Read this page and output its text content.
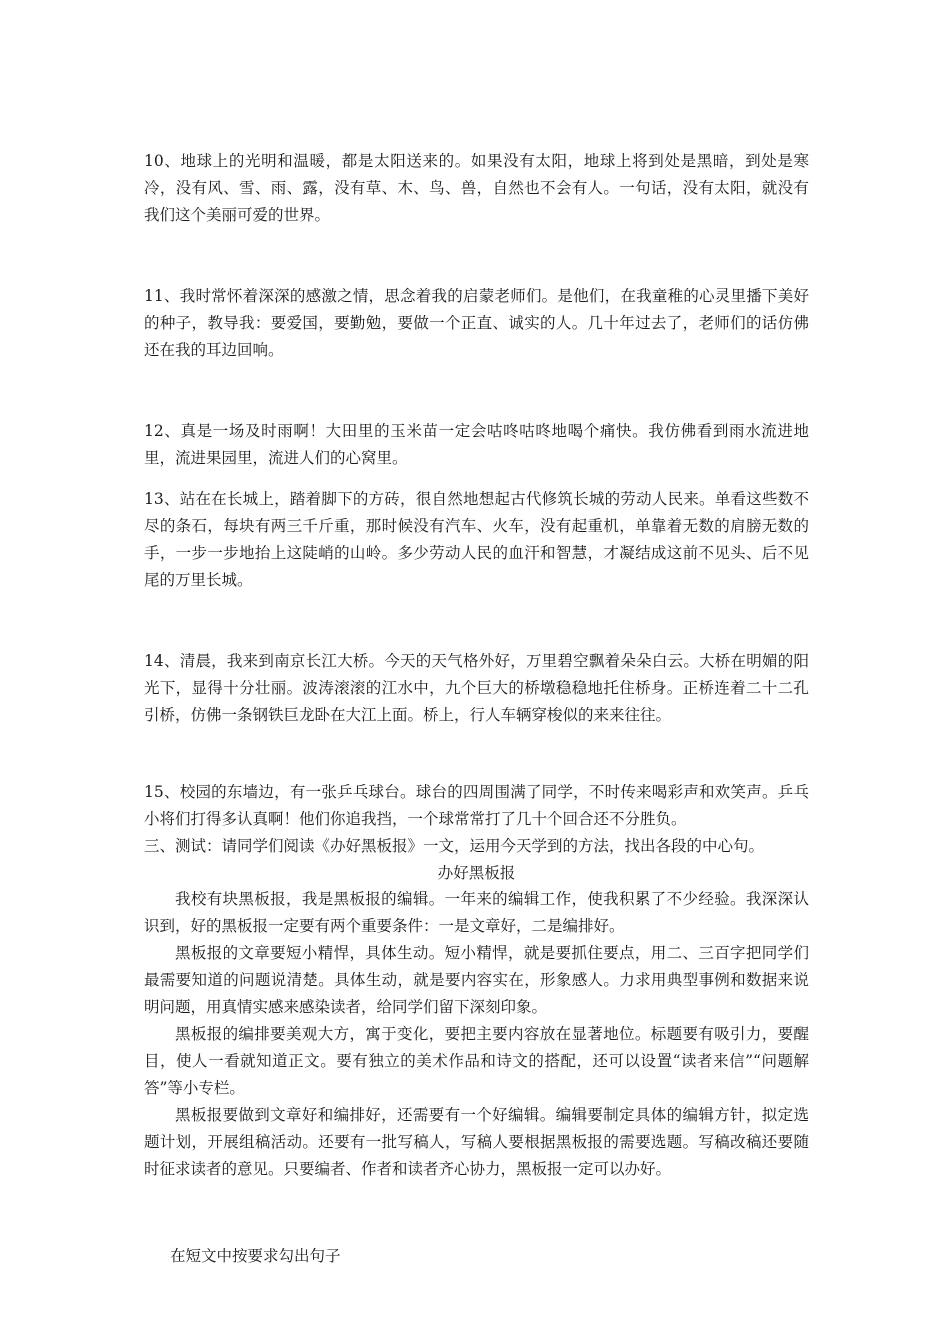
10、地球上的光明和温暖，都是太阳送来的。如果没有太阳，地球上将到处是黑暗，到处是寒冷，没有风、雪、雨、露，没有草、木、鸟、兽，自然也不会有人。一句话，没有太阳，就没有我们这个美丽可爱的世界。

11、我时常怀着深深的感激之情，思念着我的启蒙老师们。是他们，在我童稚的心灵里播下美好的种子，教导我：要爱国，要勤勉，要做一个正直、诚实的人。几十年过去了，老师们的话仿佛还在我的耳边回响。

12、真是一场及时雨啊！大田里的玉米苗一定会咕咚咕咚地喝个痛快。我仿佛看到雨水流进地里，流进果园里，流进人们的心窝里。

13、站在在长城上，踏着脚下的方砖，很自然地想起古代修筑长城的劳动人民来。单看这些数不尽的条石，每块有两三千斤重，那时候没有汽车、火车，没有起重机，单靠着无数的肩膀无数的手，一步一步地抬上这陡峭的山岭。多少劳动人民的血汗和智慧，才凝结成这前不见头、后不见尾的万里长城。

14、清晨，我来到南京长江大桥。今天的天气格外好，万里碧空飘着朵朵白云。大桥在明媚的阳光下，显得十分壮丽。波涛滚滚的江水中，九个巨大的桥墩稳稳地托住桥身。正桥连着二十二孔引桥，仿佛一条钢铁巨龙卧在大江上面。桥上，行人车辆穿梭似的来来往往。

15、校园的东墙边，有一张乒乓球台。球台的四周围满了同学，不时传来喝彩声和欢笑声。乒乓小将们打得多认真啊！他们你追我挡，一个球常常打了几十个回合还不分胜负。

三、测试：请同学们阅读《办好黑板报》一文，运用今天学到的方法，找出各段的中心句。

办好黑板报

我校有块黑板报，我是黑板报的编辑。一年来的编辑工作，使我积累了不少经验。我深深认识到，好的黑板报一定要有两个重要条件：一是文章好，二是编排好。

黑板报的文章要短小精悍，具体生动。短小精悍，就是要抓住要点，用二、三百字把同学们最需要知道的问题说清楚。具体生动，就是要内容实在，形象感人。力求用典型事例和数据来说明问题，用真情实感来感染读者，给同学们留下深刻印象。

黑板报的编排要美观大方，寓于变化，要把主要内容放在显著地位。标题要有吸引力，要醒目，使人一看就知道正文。要有独立的美术作品和诗文的搭配，还可以设置“读者来信”“问题解答”等小专栏。

黑板报要做到文章好和编排好，还需要有一个好编辑。编辑要制定具体的编辑方针，拟定选题计划，开展组稿活动。还要有一批写稿人，写稿人要根据黑板报的需要选题。写稿改稿还要随时征求读者的意见。只要编者、作者和读者齐心协力，黑板报一定可以办好。

在短文中按要求勾出句子
